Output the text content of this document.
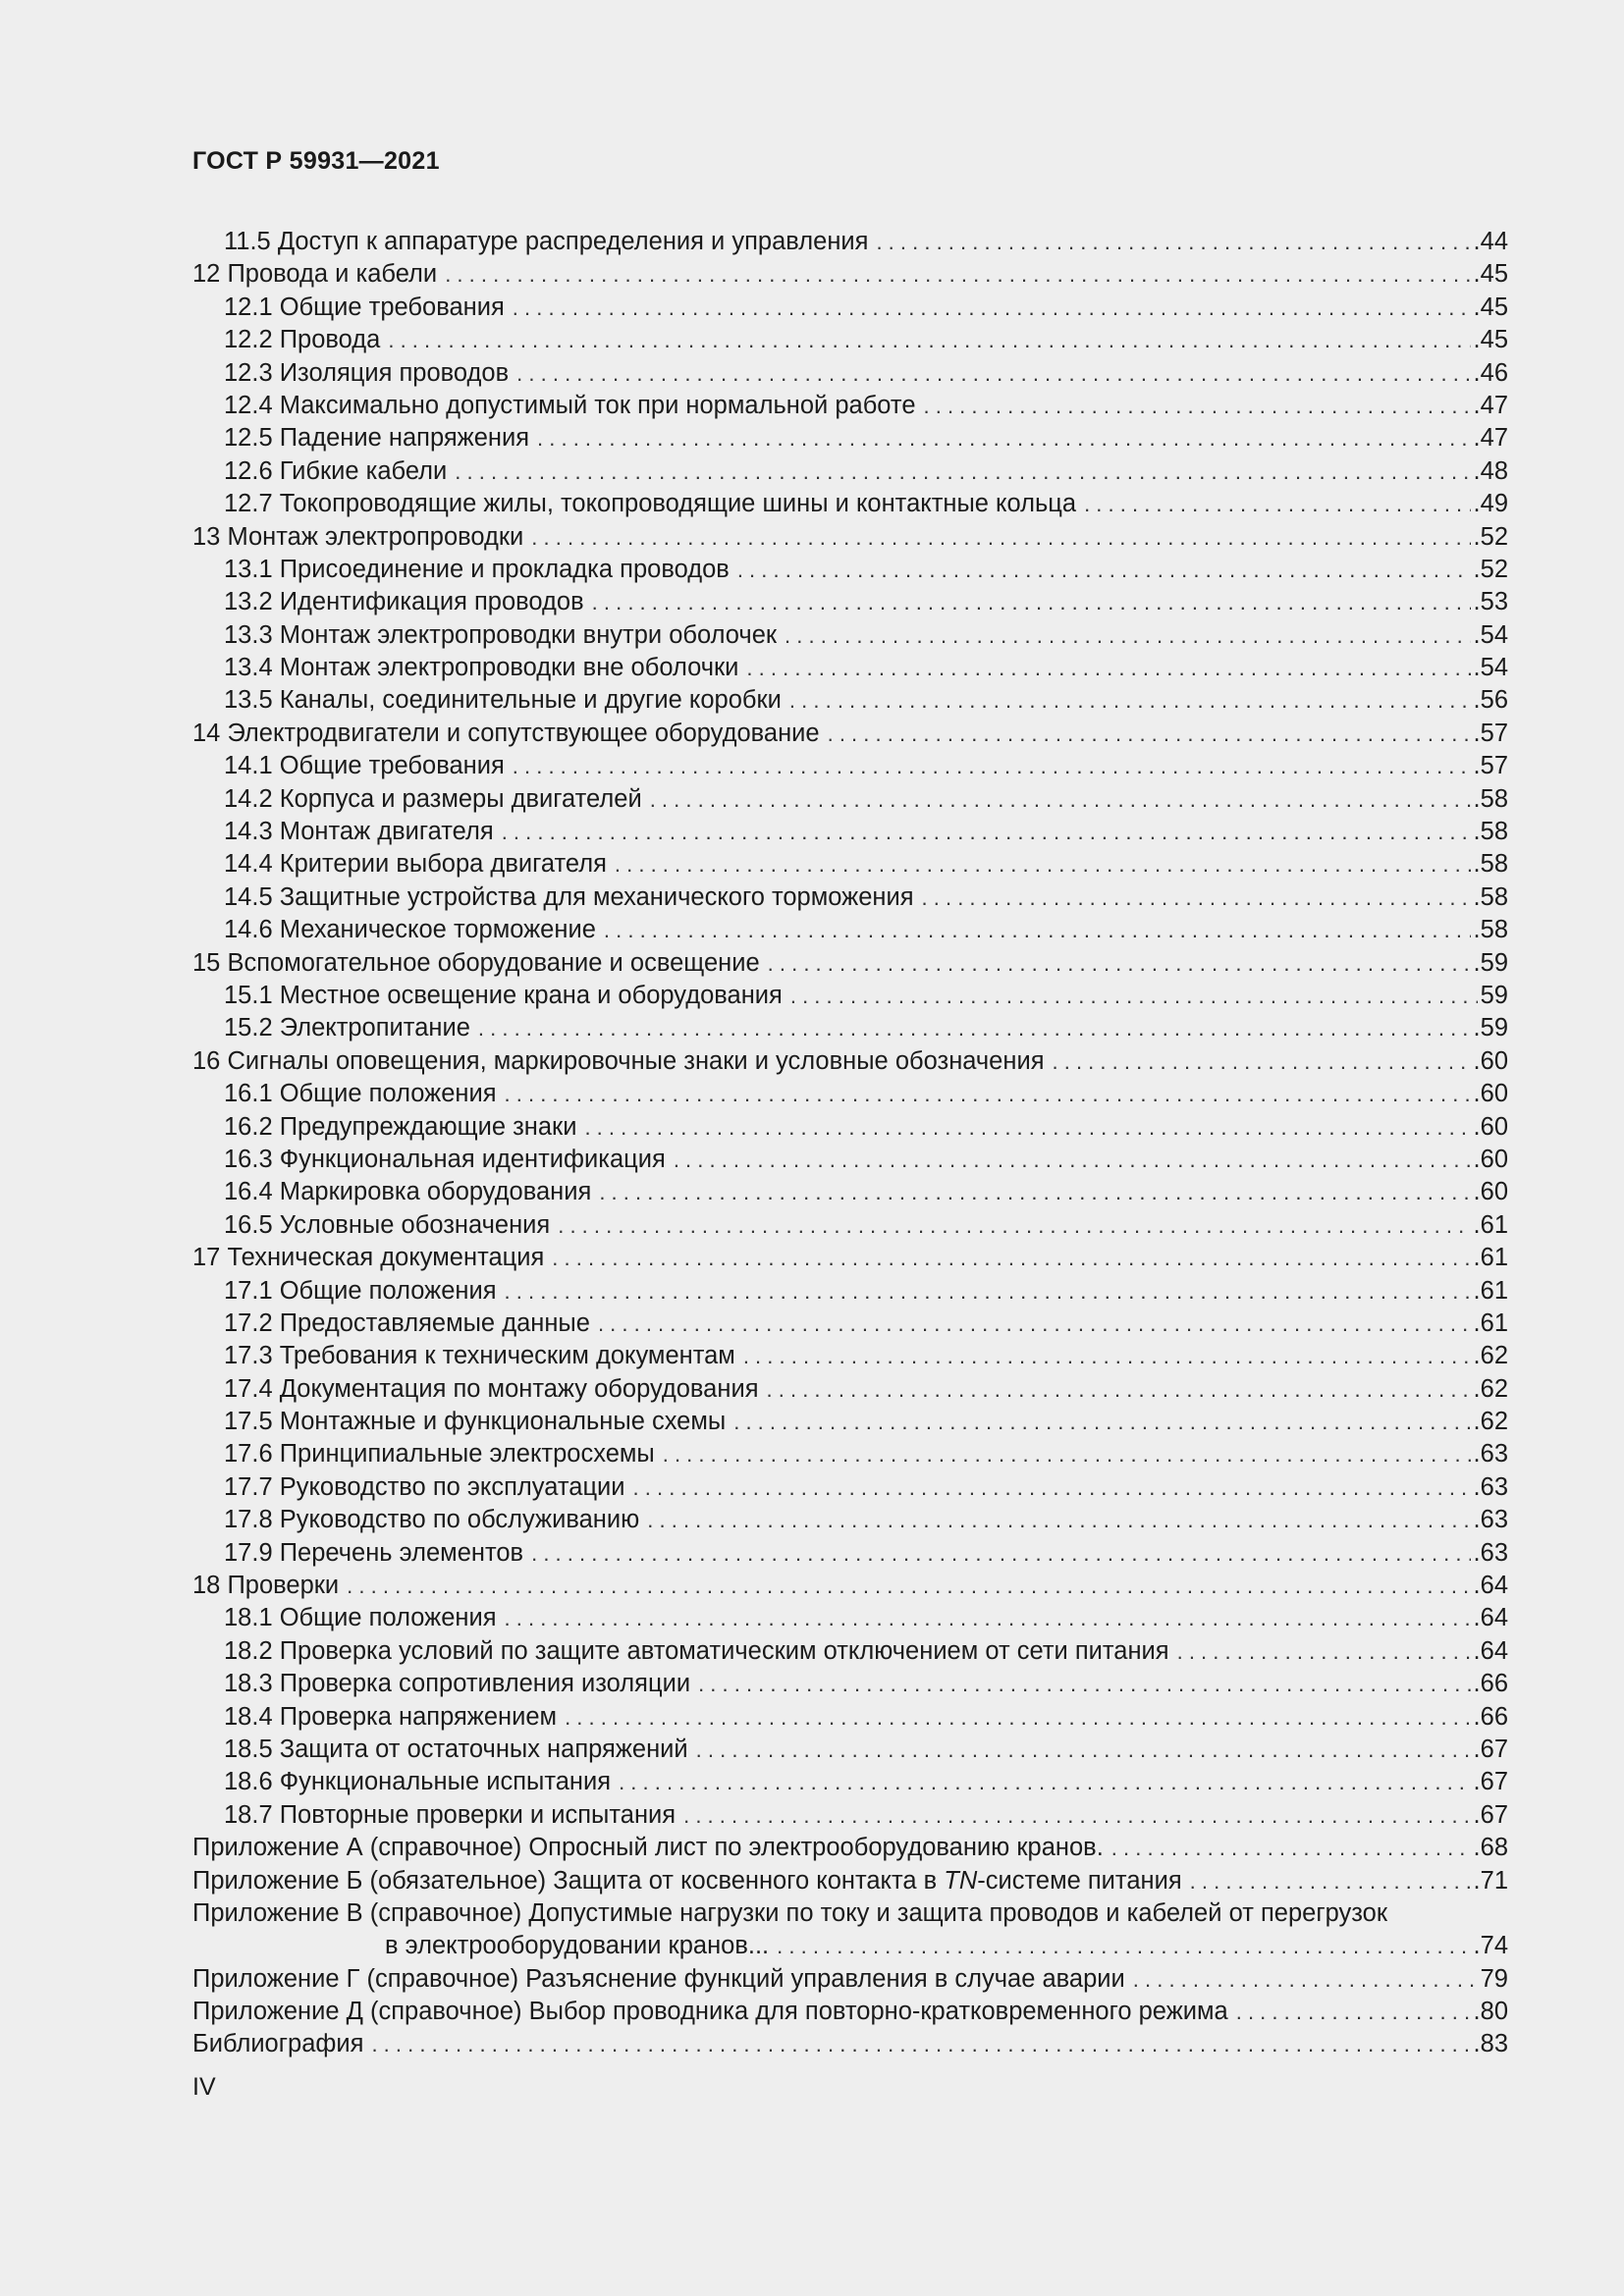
ГОСТ Р 59931—2021
11.5 Доступ к аппаратуре распределения и управления . . .	.44
12 Провода и кабели . . .	.45
12.1 Общие требования . . .	.45
12.2 Провода . . .	.45
12.3 Изоляция проводов . . .	.46
12.4 Максимально допустимый ток при нормальной работе . . .	.47
12.5 Падение напряжения . . .	.47
12.6 Гибкие кабели . . .	.48
12.7 Токопроводящие жилы, токопроводящие шины и контактные кольца . . .	.49
13 Монтаж электропроводки . . .	.52
13.1 Присоединение и прокладка проводов . . .	.52
13.2 Идентификация проводов . . .	.53
13.3 Монтаж электропроводки внутри оболочек . . .	.54
13.4 Монтаж электропроводки вне оболочки . . .	.54
13.5 Каналы, соединительные и другие коробки . . .	.56
14 Электродвигатели и сопутствующее оборудование . . .	.57
14.1 Общие требования . . .	.57
14.2 Корпуса и размеры двигателей . . .	.58
14.3 Монтаж двигателя . . .	.58
14.4 Критерии выбора двигателя . . .	.58
14.5 Защитные устройства для механического торможения . . .	.58
14.6 Механическое торможение . . .	.58
15 Вспомогательное оборудование и освещение . . .	.59
15.1 Местное освещение крана и оборудования . . .	59
15.2 Электропитание . . .	.59
16 Сигналы оповещения, маркировочные знаки и условные обозначения . . .	.60
16.1 Общие положения . . .	.60
16.2 Предупреждающие знаки . . .	.60
16.3 Функциональная идентификация . . .	.60
16.4 Маркировка оборудования . . .	.60
16.5 Условные обозначения . . .	.61
17 Техническая документация . . .	.61
17.1 Общие положения . . .	.61
17.2 Предоставляемые данные . . .	.61
17.3 Требования к техническим документам . . .	.62
17.4 Документация по монтажу оборудования . . .	.62
17.5 Монтажные и функциональные схемы . . .	.62
17.6 Принципиальные электросхемы . . .	.63
17.7 Руководство по эксплуатации . . .	.63
17.8 Руководство по обслуживанию . . .	.63
17.9 Перечень элементов . . .	.63
18 Проверки . . .	.64
18.1 Общие положения . . .	.64
18.2 Проверка условий по защите автоматическим отключением от сети питания . . .	.64
18.3 Проверка сопротивления изоляции . . .	.66
18.4 Проверка напряжением . . .	.66
18.5 Защита от остаточных напряжений . . .	.67
18.6 Функциональные испытания . . .	.67
18.7 Повторные проверки и испытания . . .	.67
Приложение А (справочное) Опросный лист по электрооборудованию кранов. . . .	.68
Приложение Б (обязательное) Защита от косвенного контакта в TN-системе питания . . .	.71
Приложение В (справочное) Допустимые нагрузки по току и защита проводов и кабелей от перегрузок
в электрооборудовании кранов... . . .	.74
Приложение Г (справочное) Разъяснение функций управления в случае аварии . . .	79
Приложение Д (справочное) Выбор проводника для повторно-кратковременного режима . . .	.80
Библиография . . .	.83
IV
